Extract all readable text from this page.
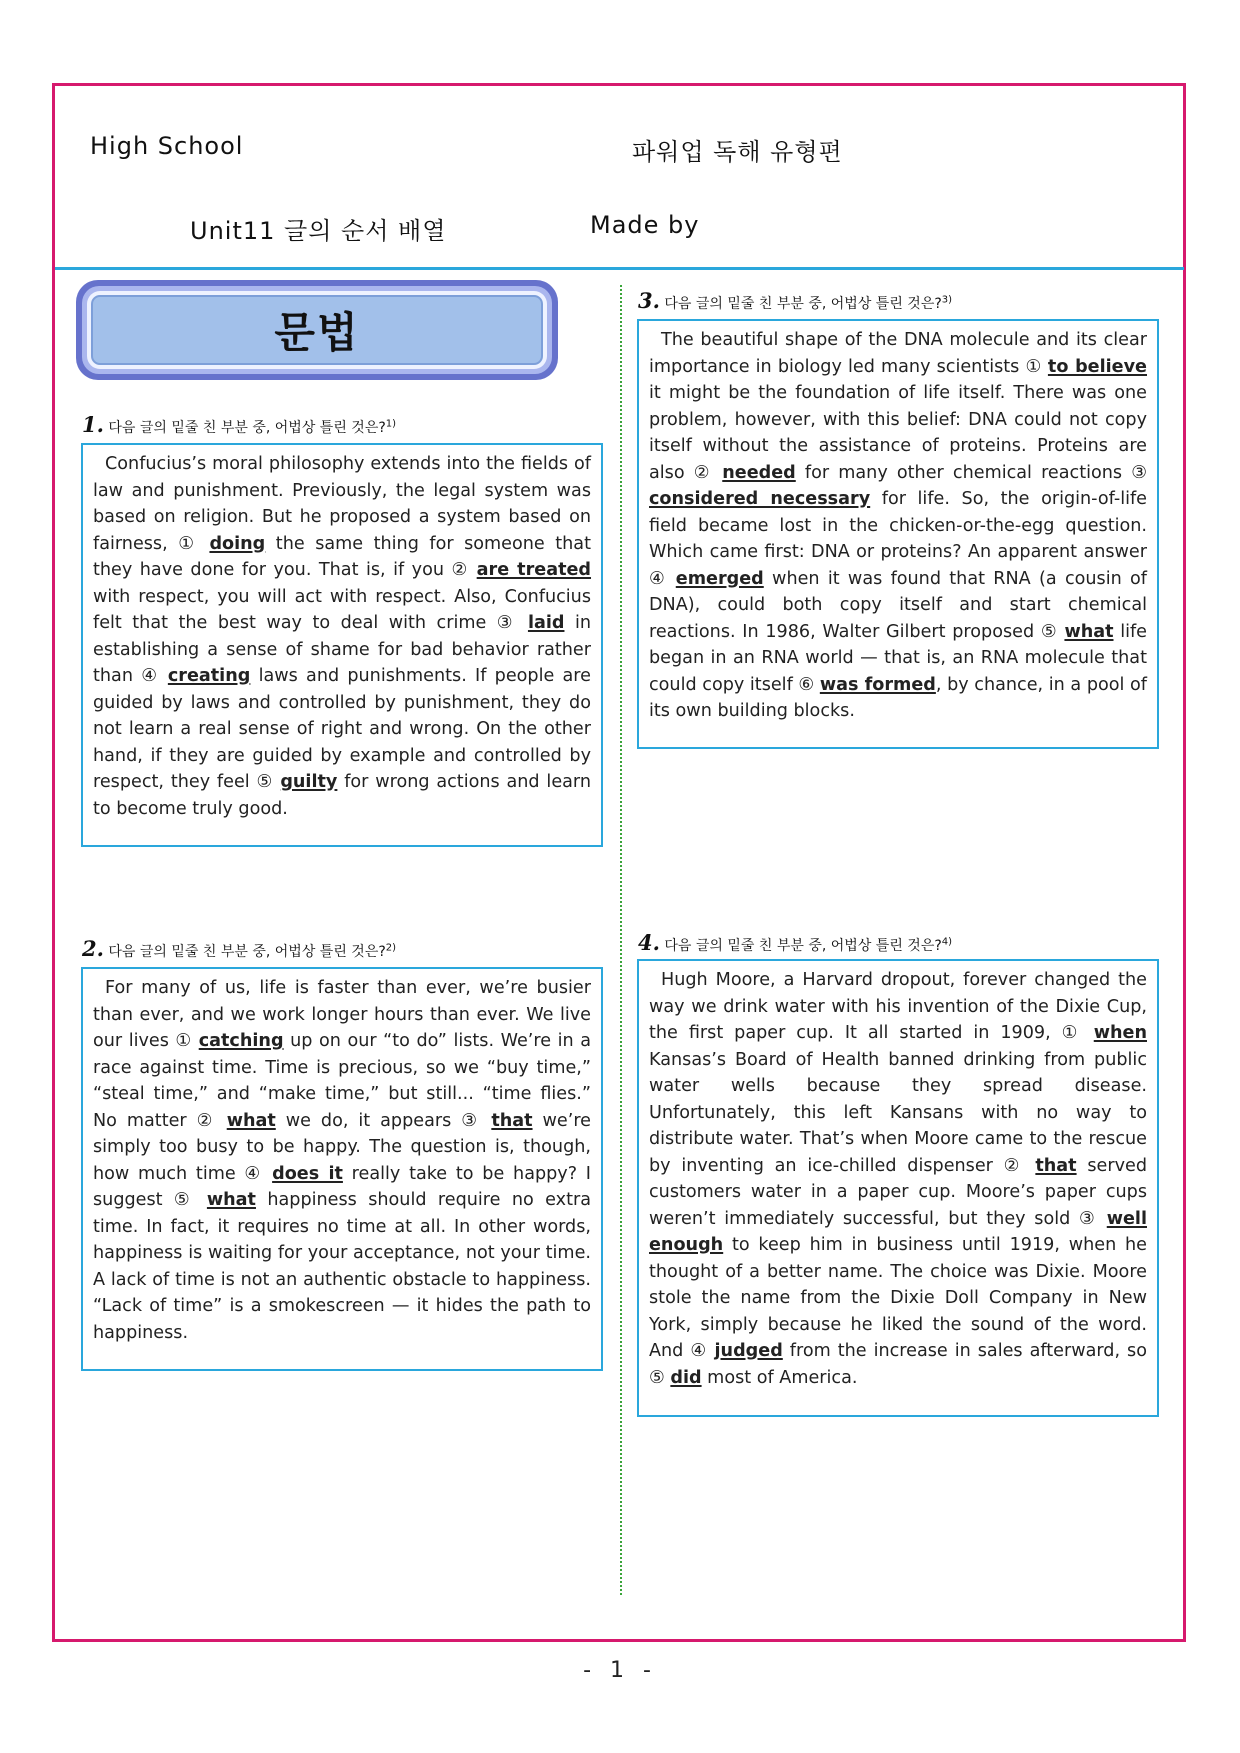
High School	파워업 독해 유형편
Unit11 글의 순서 배열	Made by
문법
1. 다음 글의 밑줄 친 부분 중, 어법상 틀린 것은?$^{1)}$
Confucius’s moral philosophy extends into the fields of law and punishment. Previously, the legal system was based on religion. But he proposed a system based on fairness, ① doing the same thing for someone that they have done for you. That is, if you ② are treated with respect, you will act with respect. Also, Confucius felt that the best way to deal with crime ③ laid in establishing a sense of shame for bad behavior rather than ④ creating laws and punishments. If people are guided by laws and controlled by punishment, they do not learn a real sense of right and wrong. On the other hand, if they are guided by example and controlled by respect, they feel ⑤ guilty for wrong actions and learn to become truly good.
3. 다음 글의 밑줄 친 부분 중, 어법상 틀린 것은?$^{3)}$
The beautiful shape of the DNA molecule and its clear importance in biology led many scientists ① to believe it might be the foundation of life itself. There was one problem, however, with this belief: DNA could not copy itself without the assistance of proteins. Proteins are also ② needed for many other chemical reactions ③ considered necessary for life. So, the origin-of-life field became lost in the chicken-or-the-egg question. Which came first: DNA or proteins? An apparent answer ④ emerged when it was found that RNA (a cousin of DNA), could both copy itself and start chemical reactions. In 1986, Walter Gilbert proposed ⑤ what life began in an RNA world — that is, an RNA molecule that could copy itself ⑥ was formed, by chance, in a pool of its own building blocks.
2. 다음 글의 밑줄 친 부분 중, 어법상 틀린 것은?$^{2)}$
For many of us, life is faster than ever, we’re busier than ever, and we work longer hours than ever. We live our lives ① catching up on our “to do” lists. We’re in a race against time. Time is precious, so we “buy time,” “steal time,” and “make time,” but still... “time flies.” No matter ② what we do, it appears ③ that we’re simply too busy to be happy. The question is, though, how much time ④ does it really take to be happy? I suggest ⑤ what happiness should require no extra time. In fact, it requires no time at all. In other words, happiness is waiting for your acceptance, not your time. A lack of time is not an authentic obstacle to happiness. “Lack of time” is a smokescreen — it hides the path to happiness.
4. 다음 글의 밑줄 친 부분 중, 어법상 틀린 것은?$^{4)}$
Hugh Moore, a Harvard dropout, forever changed the way we drink water with his invention of the Dixie Cup, the first paper cup. It all started in 1909, ① when Kansas’s Board of Health banned drinking from public water wells because they spread disease. Unfortunately, this left Kansans with no way to distribute water. That’s when Moore came to the rescue by inventing an ice-chilled dispenser ② that served customers water in a paper cup. Moore’s paper cups weren’t immediately successful, but they sold ③ well enough to keep him in business until 1919, when he thought of a better name. The choice was Dixie. Moore stole the name from the Dixie Doll Company in New York, simply because he liked the sound of the word. And ④ judged from the increase in sales afterward, so ⑤ did most of America.
- 1 -
